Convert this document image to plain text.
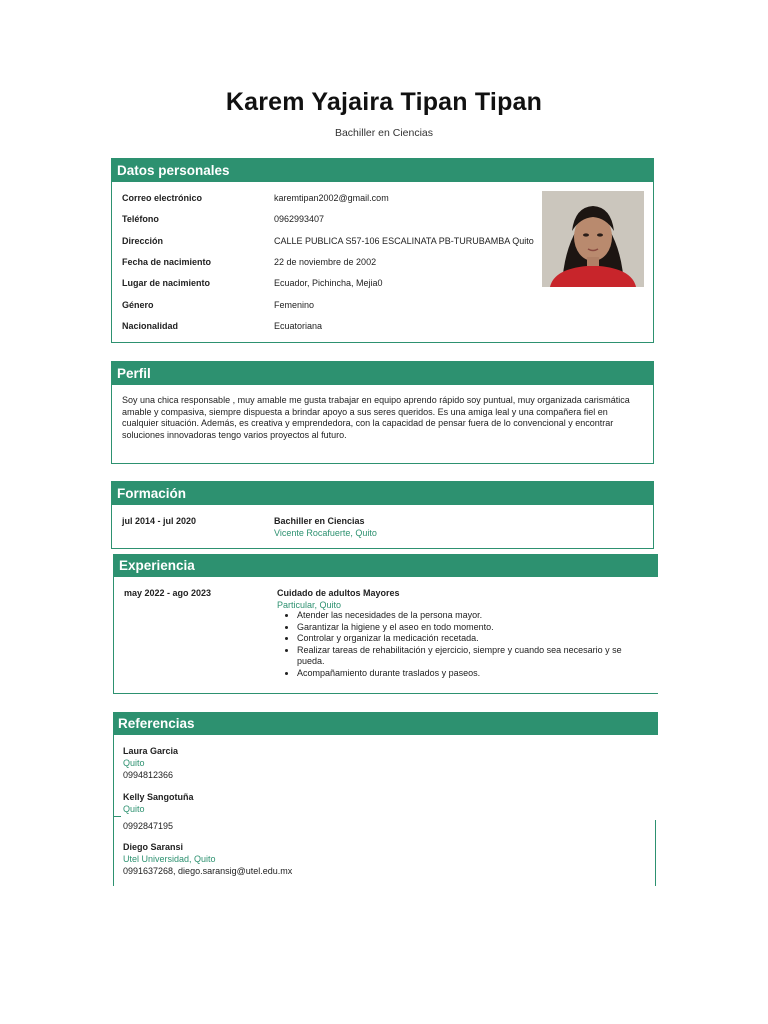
Karem Yajaira Tipan Tipan
Bachiller en Ciencias
Datos personales
Correo electrónico	karemtipan2002@gmail.com
Teléfono	0962993407
Dirección	CALLE PUBLICA S57-106 ESCALINATA PB-TURUBAMBA Quito
Fecha de nacimiento	22 de noviembre de 2002
Lugar de nacimiento	Ecuador, Pichincha, Mejia0
Género	Femenino
Nacionalidad	Ecuatoriana
Perfil
Soy una chica responsable , muy amable me gusta trabajar en equipo aprendo rápido soy puntual, muy organizada carismática amable y compasiva, siempre dispuesta a brindar apoyo a sus seres queridos. Es una amiga leal y una compañera fiel en cualquier situación. Además, es creativa y emprendedora, con la capacidad de pensar fuera de lo convencional y encontrar soluciones innovadoras tengo varios proyectos al futuro.
Formación
jul 2014 - jul 2020	Bachiller en Ciencias
Vicente Rocafuerte, Quito
Experiencia
may 2022 - ago 2023	Cuidado de adultos Mayores
Particular, Quito
• Atender las necesidades de la persona mayor.
• Garantizar la higiene y el aseo en todo momento.
• Controlar y organizar la medicación recetada.
• Realizar tareas de rehabilitación y ejercicio, siempre y cuando sea necesario y se pueda.
• Acompañamiento durante traslados y paseos.
Referencias
Laura Garcia
Quito
0994812366
Kelly Sangotuña
Quito
0992847195
Diego Saransi
Utel Universidad, Quito
0991637268, diego.saransig@utel.edu.mx
